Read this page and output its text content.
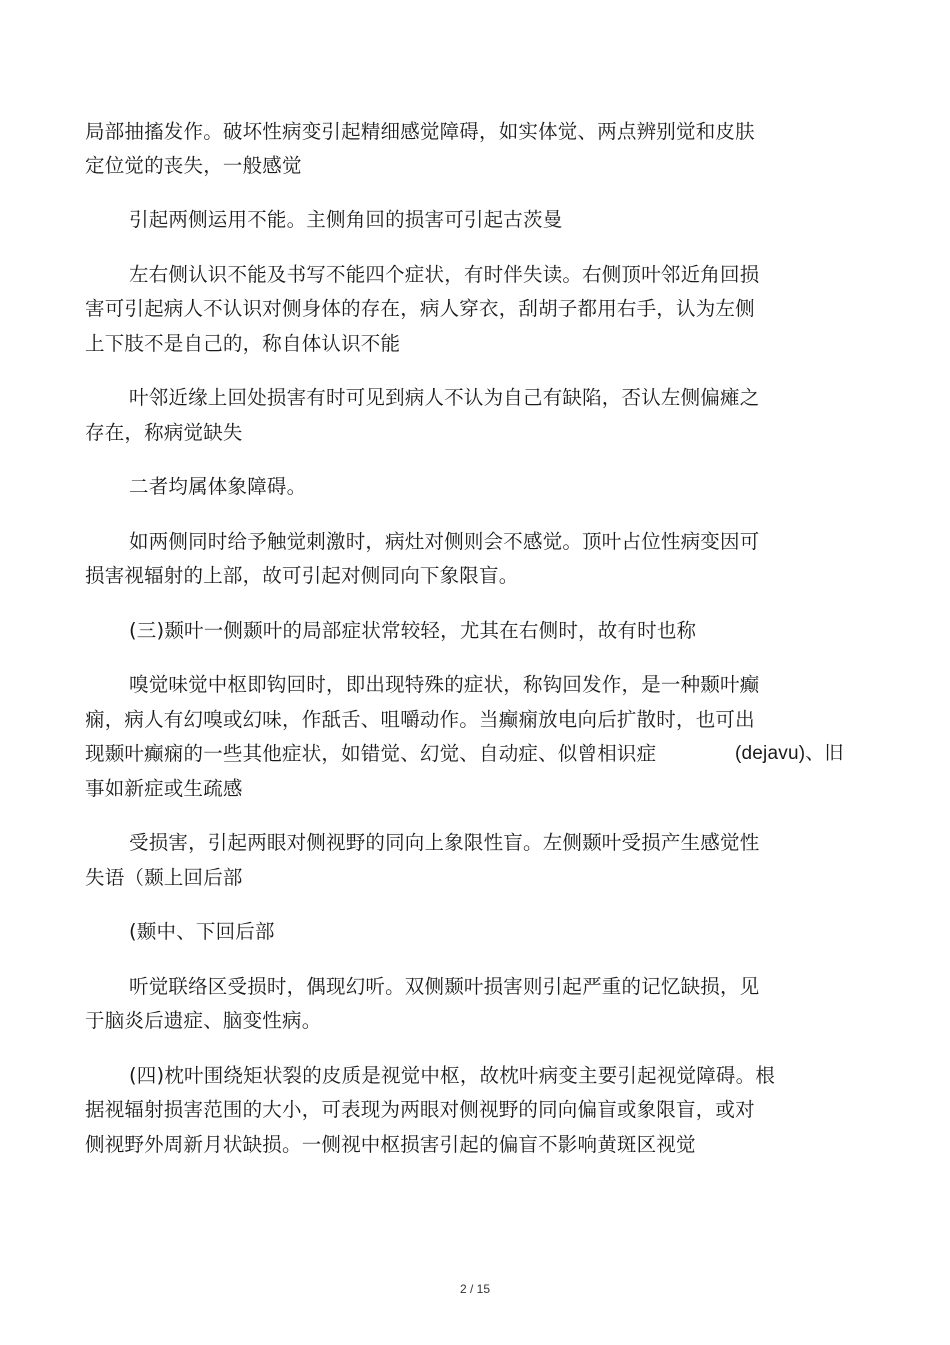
局部抽搐发作。破坏性病变引起精细感觉障碍，如实体觉、两点辨别觉和皮肤
定位觉的丧失，一般感觉
引起两侧运用不能。主侧角回的损害可引起古茨曼
左右侧认识不能及书写不能四个症状，有时伴失读。右侧顶叶邻近角回损
害可引起病人不认识对侧身体的存在，病人穿衣，刮胡子都用右手，认为左侧
上下肢不是自己的，称自体认识不能
叶邻近缘上回处损害有时可见到病人不认为自己有缺陷，否认左侧偏瘫之
存在，称病觉缺失
二者均属体象障碍。
如两侧同时给予触觉刺激时，病灶对侧则会不感觉。顶叶占位性病变因可
损害视辐射的上部，故可引起对侧同向下象限盲。
(三)颞叶一侧颞叶的局部症状常较轻，尤其在右侧时，故有时也称
嗅觉味觉中枢即钩回时，即出现特殊的症状，称钩回发作，是一种颞叶癫
痫，病人有幻嗅或幻味，作舐舌、咀嚼动作。当癫痫放电向后扩散时，也可出
现颞叶癫痫的一些其他症状，如错觉、幻觉、自动症、似曾相识症	(dejavu)、旧
事如新症或生疏感
受损害，引起两眼对侧视野的同向上象限性盲。左侧颞叶受损产生感觉性
失语（颞上回后部
(颞中、下回后部
听觉联络区受损时，偶现幻听。双侧颞叶损害则引起严重的记忆缺损，见
于脑炎后遗症、脑变性病。
(四)枕叶围绕矩状裂的皮质是视觉中枢，故枕叶病变主要引起视觉障碍。根
据视辐射损害范围的大小，可表现为两眼对侧视野的同向偏盲或象限盲，或对
侧视野外周新月状缺损。一侧视中枢损害引起的偏盲不影响黄斑区视觉
2 / 15
